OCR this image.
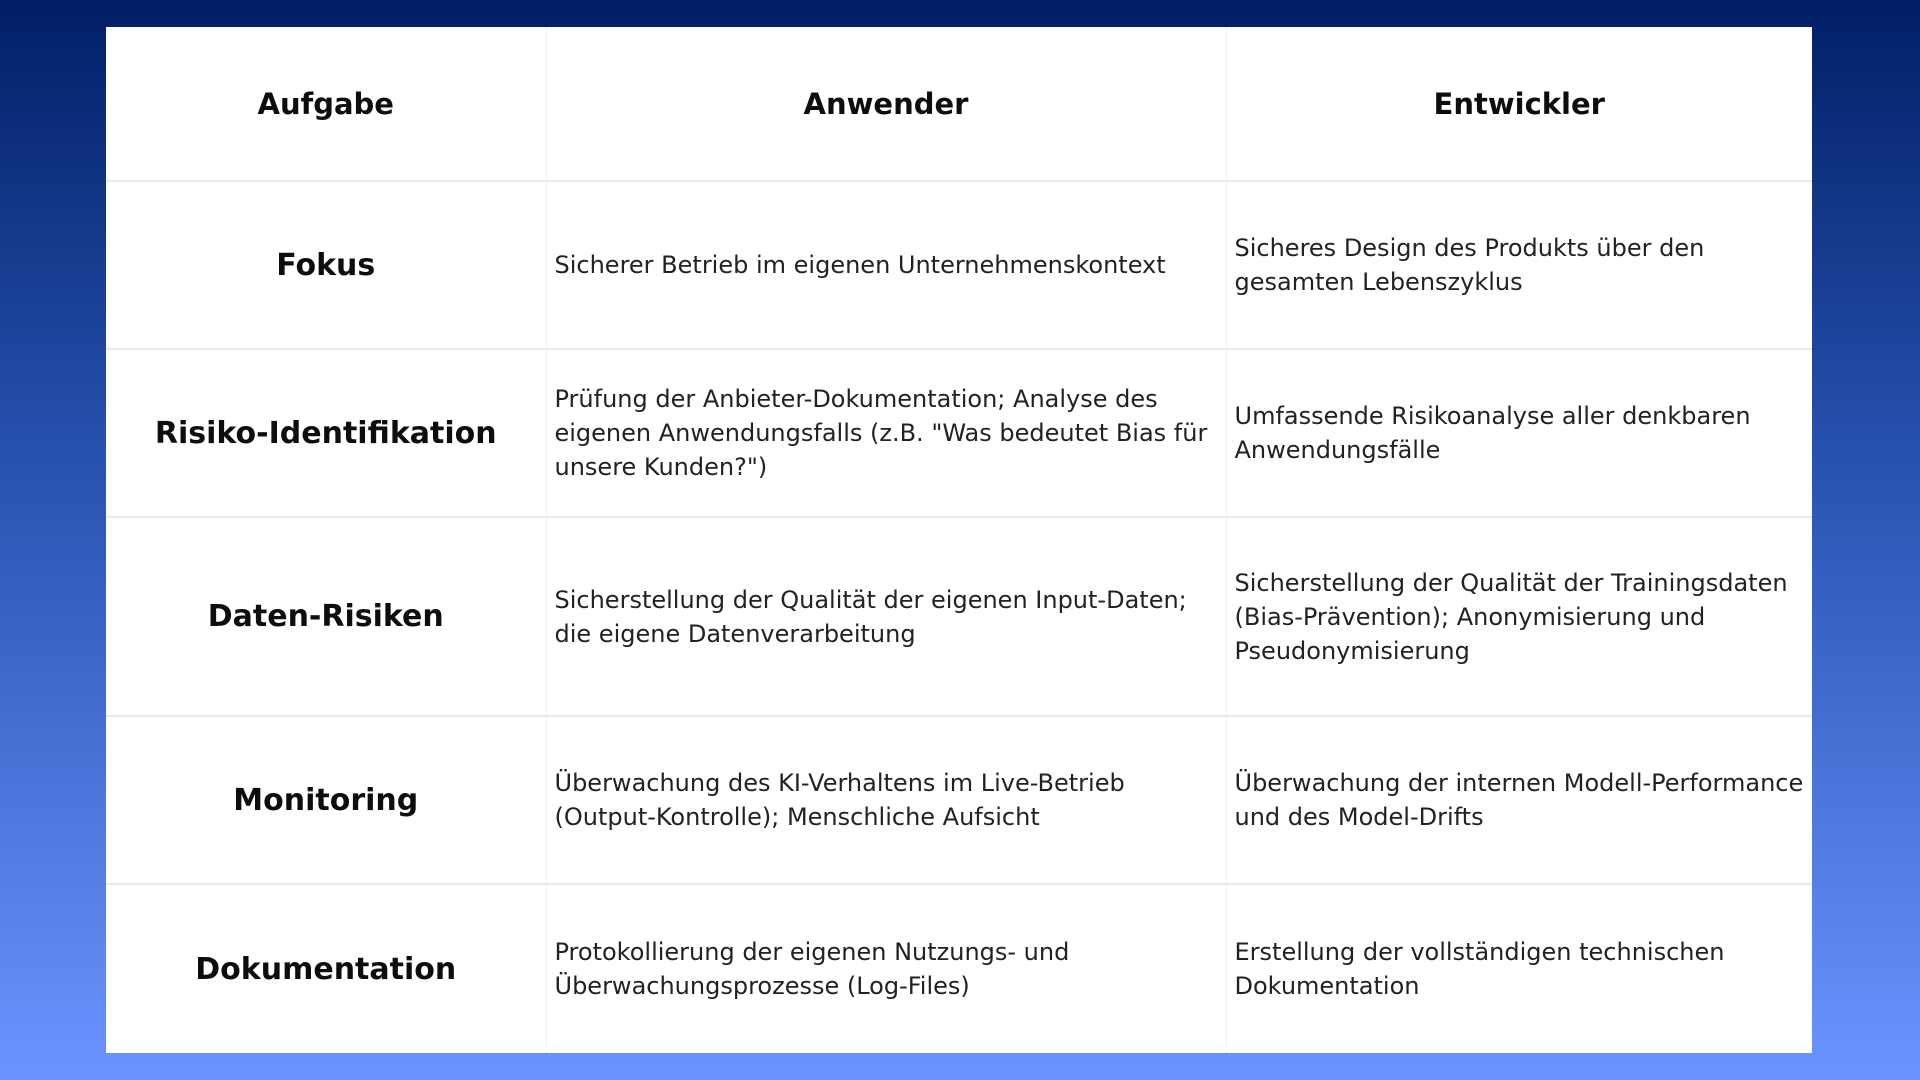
Aufgabe	Anwender	Entwickler
Fokus	Sicherer Betrieb im eigenen Unternehmenskontext	Sicheres Design des Produkts über den gesamten Lebenszyklus
Risiko-Identifikation	Prüfung der Anbieter-Dokumentation; Analyse des eigenen Anwendungsfalls (z.B. "Was bedeutet Bias für unsere Kunden?")	Umfassende Risikoanalyse aller denkbaren Anwendungsfälle
Daten-Risiken	Sicherstellung der Qualität der eigenen Input-Daten; die eigene Datenverarbeitung	Sicherstellung der Qualität der Trainingsdaten (Bias-Prävention); Anonymisierung und Pseudonymisierung
Monitoring	Überwachung des KI-Verhaltens im Live-Betrieb (Output-Kontrolle); Menschliche Aufsicht	Überwachung der internen Modell-Performance und des Model-Drifts
Dokumentation	Protokollierung der eigenen Nutzungs- und Überwachungsprozesse (Log-Files)	Erstellung der vollständigen technischen Dokumentation
